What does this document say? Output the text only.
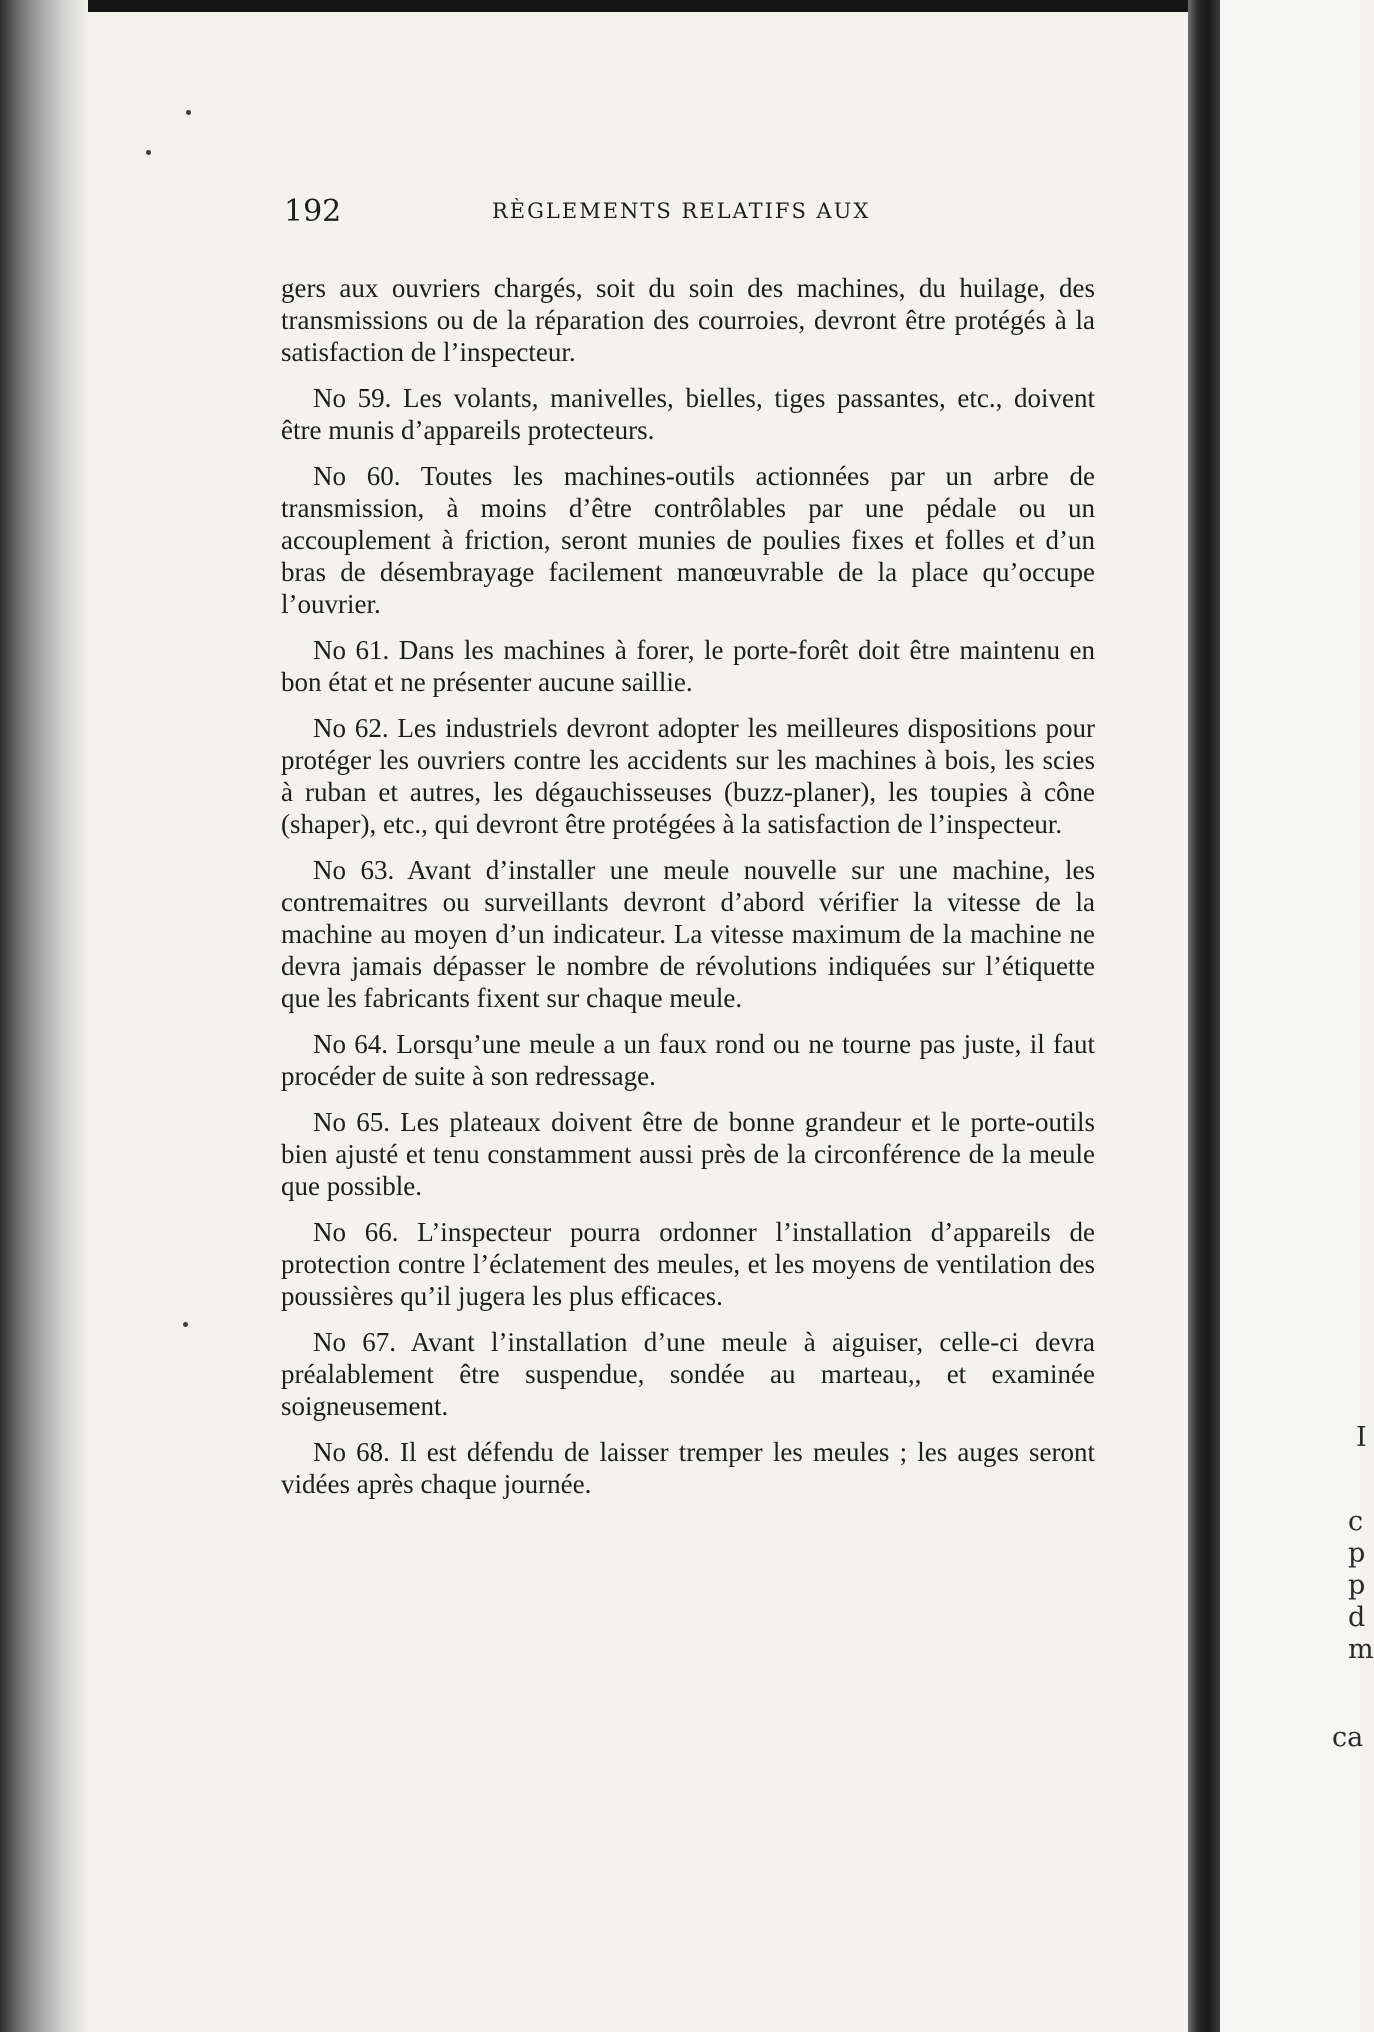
192	RÈGLEMENTS RELATIFS AUX

gers aux ouvriers chargés, soit du soin des machines, du huilage, des transmissions ou de la réparation des courroies, devront être protégés à la satisfaction de l’inspecteur.

No 59. Les volants, manivelles, bielles, tiges passantes, etc., doivent être munis d’appareils protecteurs.

No 60. Toutes les machines-outils actionnées par un arbre de transmission, à moins d’être contrôlables par une pédale ou un accouplement à friction, seront munies de poulies fixes et folles et d’un bras de désembrayage facilement manœuvrable de la place qu’occupe l’ouvrier.

No 61. Dans les machines à forer, le porte-forêt doit être maintenu en bon état et ne présenter aucune saillie.

No 62. Les industriels devront adopter les meilleures dispositions pour protéger les ouvriers contre les accidents sur les machines à bois, les scies à ruban et autres, les dégauchisseuses (buzz-planer), les toupies à cône (shaper), etc., qui devront être protégées à la satisfaction de l’inspecteur.

No 63. Avant d’installer une meule nouvelle sur une machine, les contremaitres ou surveillants devront d’abord vérifier la vitesse de la machine au moyen d’un indicateur. La vitesse maximum de la machine ne devra jamais dépasser le nombre de révolutions indiquées sur l’étiquette que les fabricants fixent sur chaque meule.

No 64. Lorsqu’une meule a un faux rond ou ne tourne pas juste, il faut procéder de suite à son redressage.

No 65. Les plateaux doivent être de bonne grandeur et le porte-outils bien ajusté et tenu constamment aussi près de la circonférence de la meule que possible.

No 66. L’inspecteur pourra ordonner l’installation d’appareils de protection contre l’éclatement des meules, et les moyens de ventilation des poussières qu’il jugera les plus efficaces.

No 67. Avant l’installation d’une meule à aiguiser, celle-ci devra préalablement être suspendue, sondée au marteau,, et examinée soigneusement.

No 68. Il est défendu de laisser tremper les meules ; les auges seront vidées après chaque journée.

I
c
p
p
d
m
ca
